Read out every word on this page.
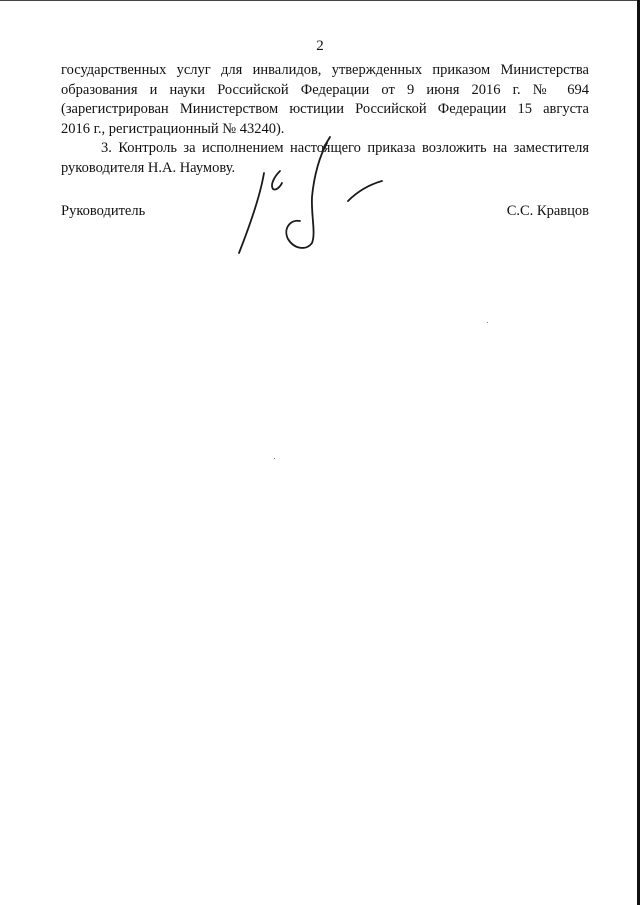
2

государственных услуг для инвалидов, утвержденных приказом Министерства
образования и науки Российской Федерации от 9 июня 2016 г. № 694
(зарегистрирован Министерством юстиции Российской Федерации 15 августа
2016 г., регистрационный № 43240).

3. Контроль за исполнением настоящего приказа возложить на заместителя
руководителя Н.А. Наумову.

Руководитель	С.С. Кравцов
